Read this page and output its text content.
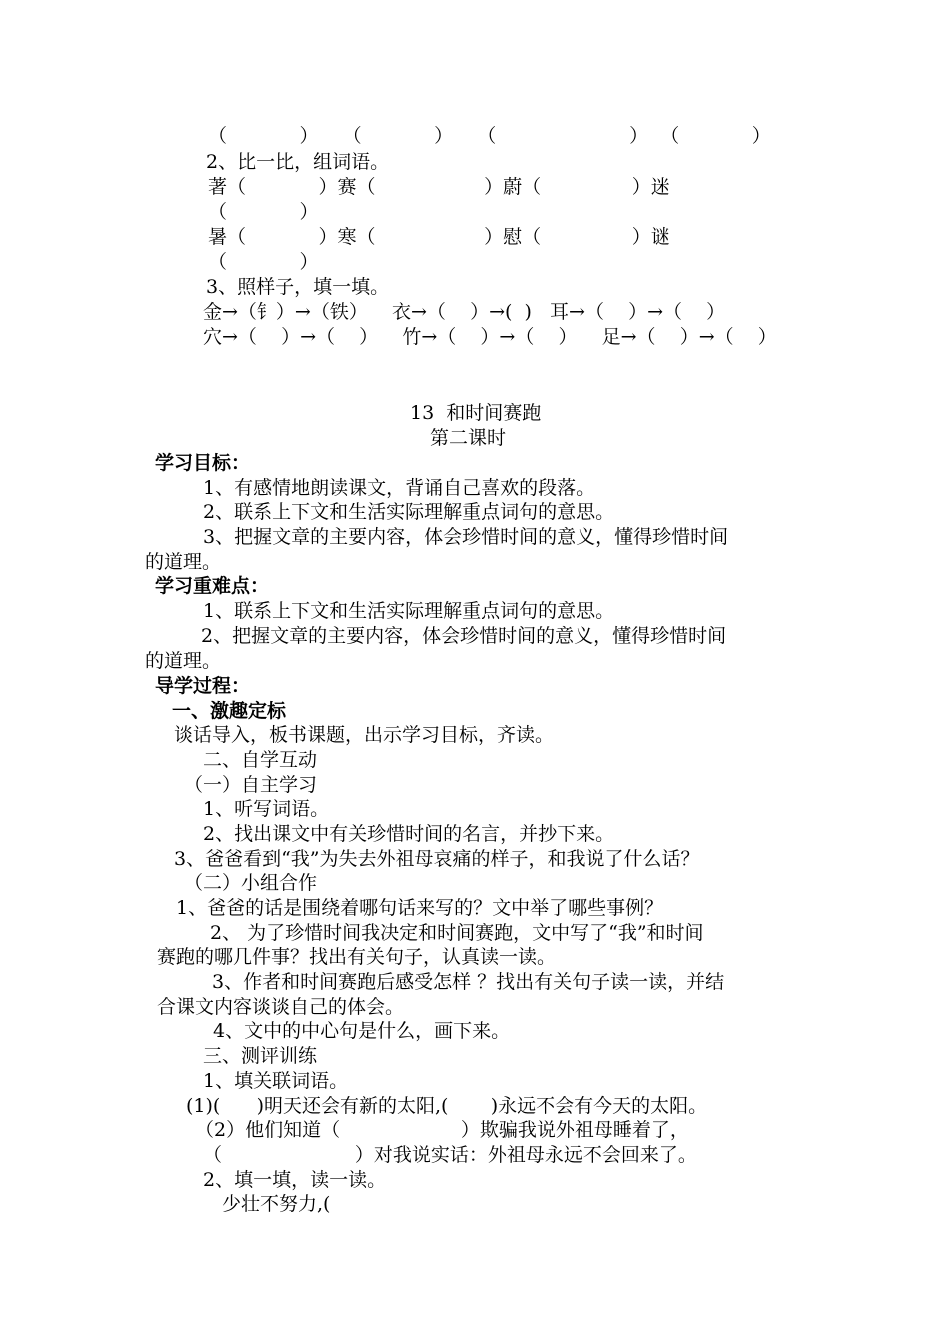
（            ）    （            ）    （                      ）  （            ）
2、比一比，组词语。
著（            ）赛（                  ）蔚（               ）迷
（            ）
暑（            ）寒（                  ）慰（               ）谜
（            ）
3、照样子，填一填。
金→（钅）→（铁）    衣→（    ）→(  )   耳→（    ）→（    ）
穴→（    ）→（    ）    竹→（    ）→（    ）    足→（    ）→（    ）
13  和时间赛跑
第二课时
学习目标：
1、有感情地朗读课文，背诵自己喜欢的段落。
2、联系上下文和生活实际理解重点词句的意思。
3、把握文章的主要内容，体会珍惜时间的意义，懂得珍惜时间
的道理。
学习重难点：
1、联系上下文和生活实际理解重点词句的意思。
2、把握文章的主要内容，体会珍惜时间的意义，懂得珍惜时间
的道理。
导学过程：
一、激趣定标
谈话导入，板书课题，出示学习目标，齐读。
二、自学互动
（一）自主学习
1、听写词语。
2、找出课文中有关珍惜时间的名言，并抄下来。
3、爸爸看到“我”为失去外祖母哀痛的样子，和我说了什么话？
（二）小组合作
1、爸爸的话是围绕着哪句话来写的？文中举了哪些事例？
2、 为了珍惜时间我决定和时间赛跑，文中写了“我”和时间
赛跑的哪几件事？找出有关句子，认真读一读。
3、作者和时间赛跑后感受怎样 ？找出有关句子读一读，并结
合课文内容谈谈自己的体会。
4、文中的中心句是什么，画下来。
三、测评训练
1、填关联词语。
(1)(      )明天还会有新的太阳,(       )永远不会有今天的太阳。
（2）他们知道（                    ）欺骗我说外祖母睡着了，
（                      ）对我说实话：外祖母永远不会回来了。
2、填一填，读一读。
少壮不努力,(
